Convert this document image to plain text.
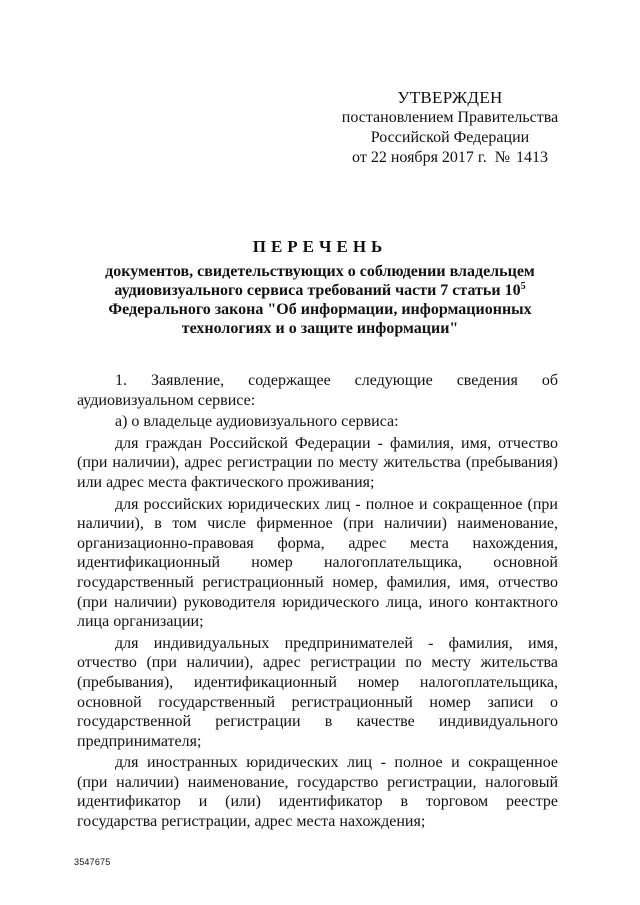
УТВЕРЖДЕН
постановлением Правительства
Российской Федерации
от 22 ноября 2017 г. № 1413
ПЕРЕЧЕНЬ
документов, свидетельствующих о соблюдении владельцем
аудиовизуального сервиса требований части 7 статьи $10^5$
Федерального закона "Об информации, информационных
технологиях и о защите информации"

1. Заявление, содержащее следующие сведения об аудиовизуальном сервисе:

а) о владельце аудиовизуального сервиса:

для граждан Российской Федерации - фамилия, имя, отчество (при наличии), адрес регистрации по месту жительства (пребывания) или адрес места фактического проживания;

для российских юридических лиц - полное и сокращенное (при наличии), в том числе фирменное (при наличии) наименование, организационно-правовая форма, адрес места нахождения, идентификационный номер налогоплательщика, основной государственный регистрационный номер, фамилия, имя, отчество (при наличии) руководителя юридического лица, иного контактного лица организации;

для индивидуальных предпринимателей - фамилия, имя, отчество (при наличии), адрес регистрации по месту жительства (пребывания), идентификационный номер налогоплательщика, основной государственный регистрационный номер записи о государственной регистрации в качестве индивидуального предпринимателя;

для иностранных юридических лиц - полное и сокращенное (при наличии) наименование, государство регистрации, налоговый идентификатор и (или) идентификатор в торговом реестре государства регистрации, адрес места нахождения;

3547675
